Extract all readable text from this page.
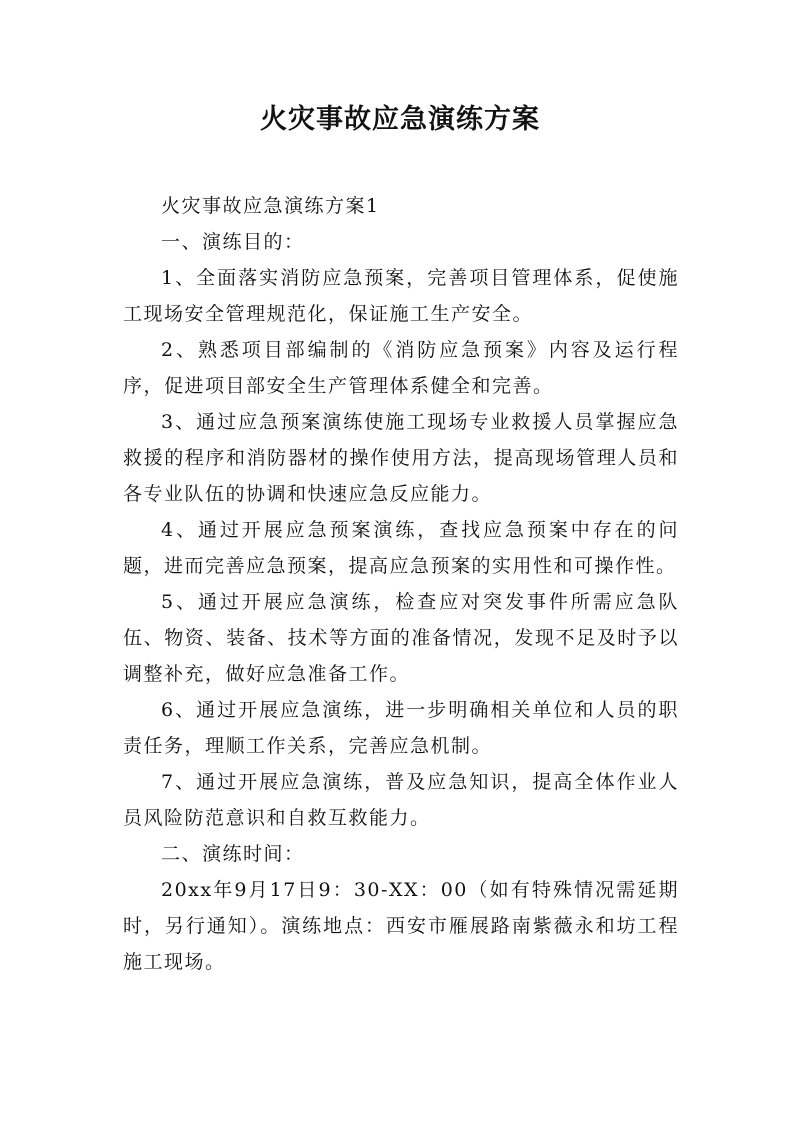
火灾事故应急演练方案

火灾事故应急演练方案1

一、演练目的：

1、全面落实消防应急预案，完善项目管理体系，促使施工现场安全管理规范化，保证施工生产安全。

2、熟悉项目部编制的《消防应急预案》内容及运行程序，促进项目部安全生产管理体系健全和完善。

3、通过应急预案演练使施工现场专业救援人员掌握应急救援的程序和消防器材的操作使用方法，提高现场管理人员和各专业队伍的协调和快速应急反应能力。

4、通过开展应急预案演练，查找应急预案中存在的问题，进而完善应急预案，提高应急预案的实用性和可操作性。

5、通过开展应急演练，检查应对突发事件所需应急队伍、物资、装备、技术等方面的准备情况，发现不足及时予以调整补充，做好应急准备工作。

6、通过开展应急演练，进一步明确相关单位和人员的职责任务，理顺工作关系，完善应急机制。

7、通过开展应急演练，普及应急知识，提高全体作业人员风险防范意识和自救互救能力。

二、演练时间：

20xx年9月17日9：30-XX：00（如有特殊情况需延期时，另行通知）。演练地点：西安市雁展路南紫薇永和坊工程施工现场。
